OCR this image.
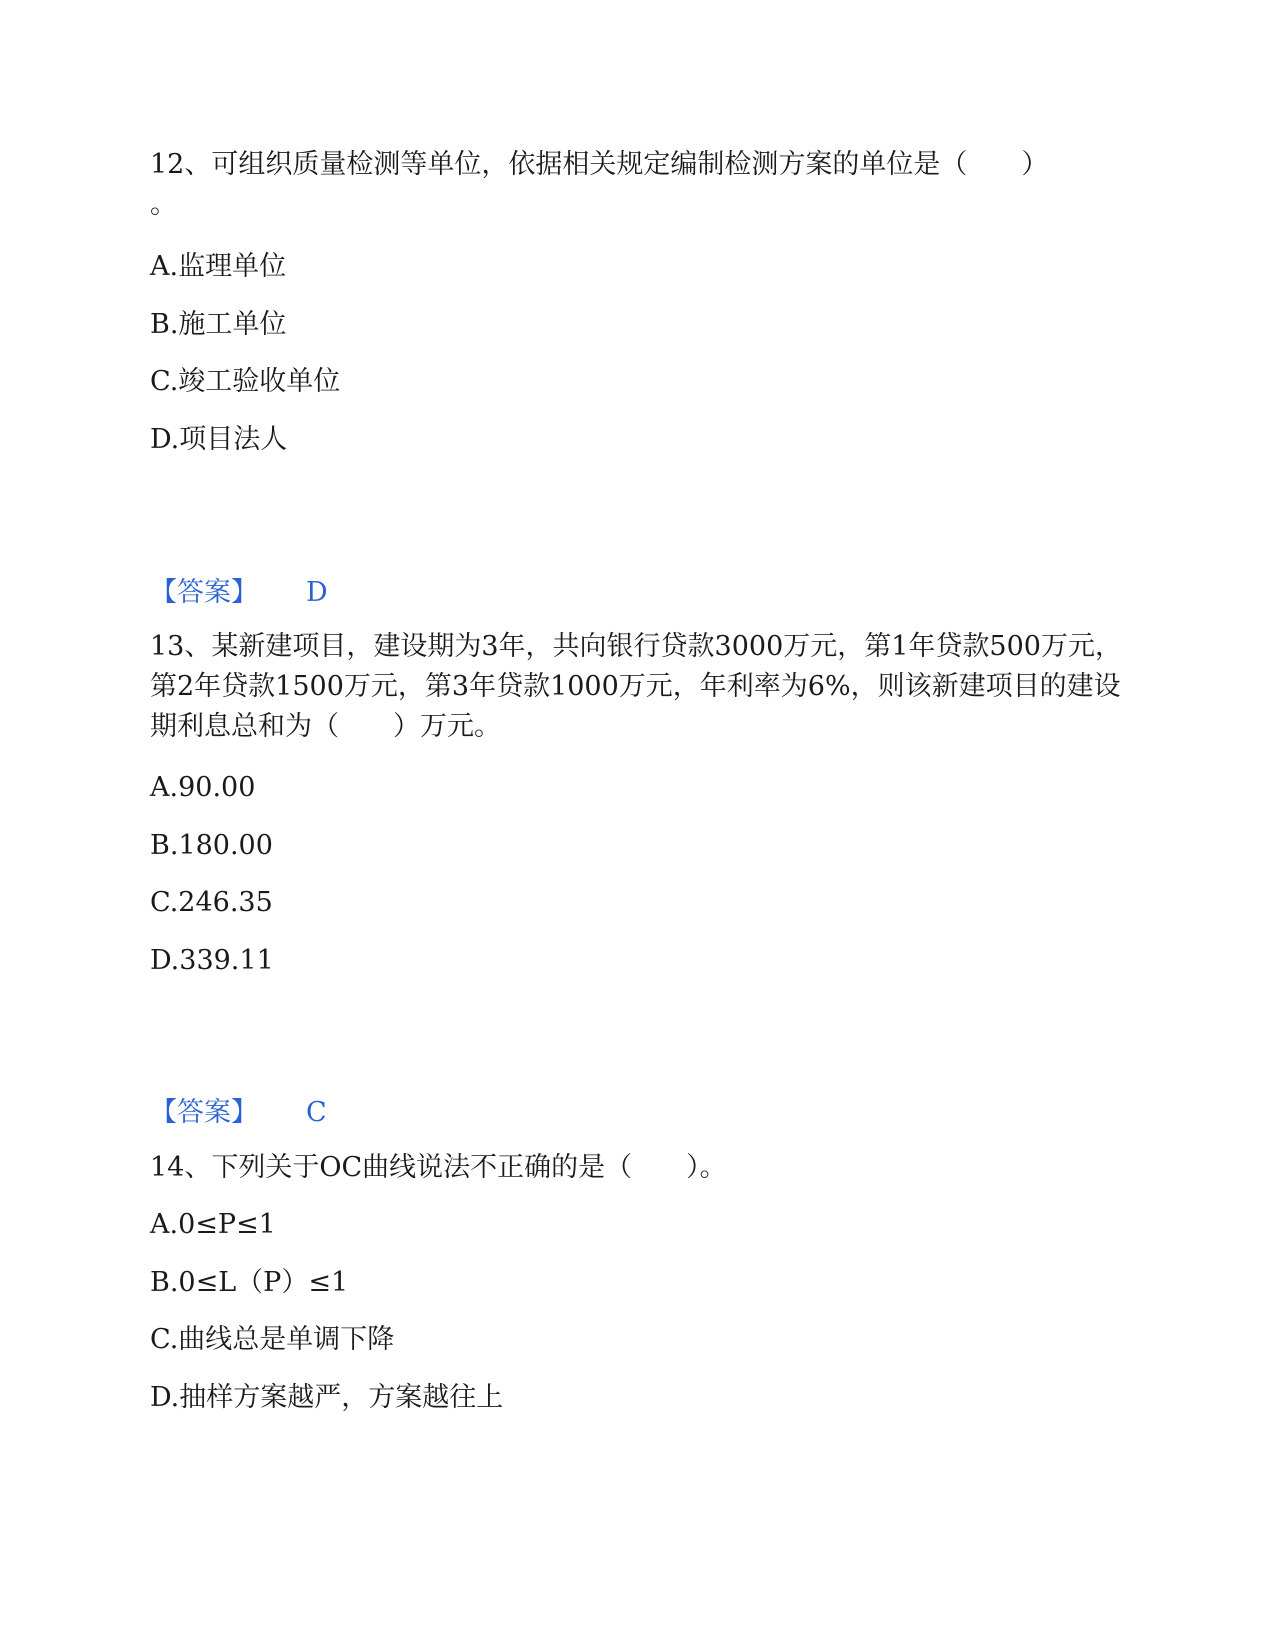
12、可组织质量检测等单位，依据相关规定编制检测方案的单位是（　　）

。

A.监理单位

B.施工单位

C.竣工验收单位

D.项目法人

【答案】 D

13、某新建项目，建设期为3年，共向银行贷款3000万元，第1年贷款500万元，第2年贷款1500万元，第3年贷款1000万元，年利率为6%，则该新建项目的建设期利息总和为（　　）万元。

A.90.00

B.180.00

C.246.35

D.339.11

【答案】 C

14、下列关于OC曲线说法不正确的是（　　）。

A.0≤P≤1

B.0≤L（P）≤1

C.曲线总是单调下降

D.抽样方案越严，方案越往上
